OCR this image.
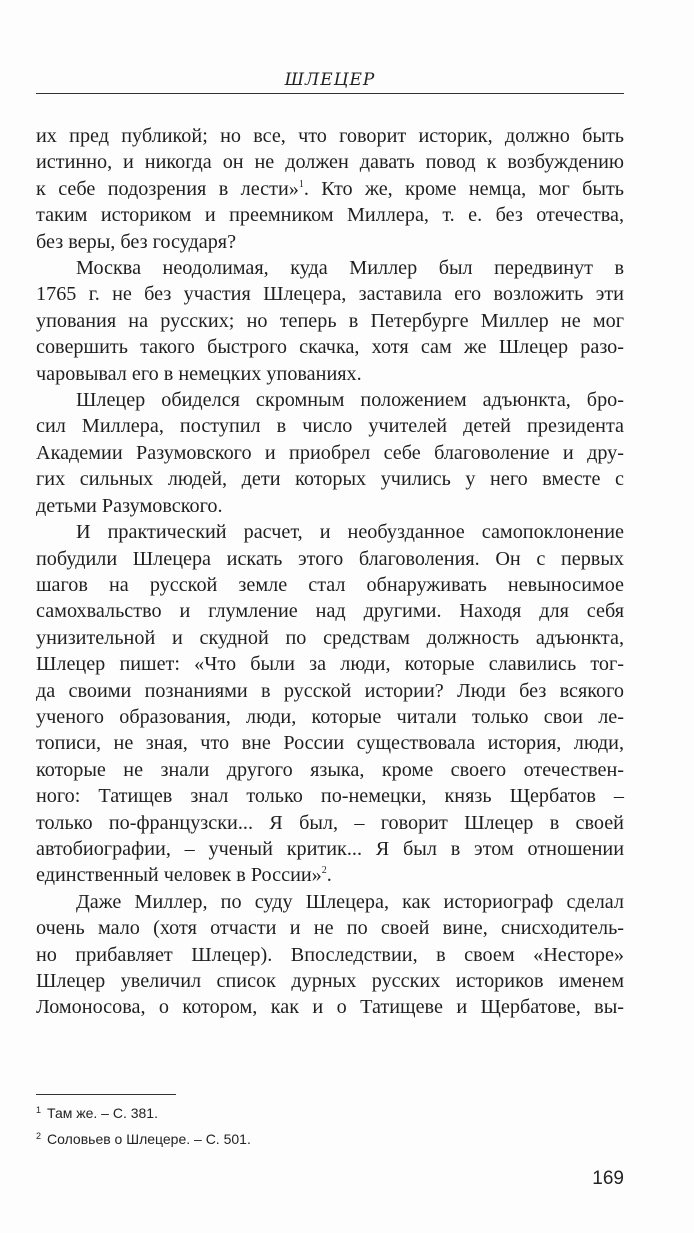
ШЛЕЦЕР
их пред публикой; но все, что говорит историк, должно быть
истинно, и никогда он не должен давать повод к возбуждению
к себе подозрения в лести»$^1$. Кто же, кроме немца, мог быть
таким историком и преемником Миллера, т. е. без отечества,
без веры, без государя?
Москва неодолимая, куда Миллер был передвинут в
1765 г. не без участия Шлецера, заставила его возложить эти
упования на русских; но теперь в Петербурге Миллер не мог
совершить такого быстрого скачка, хотя сам же Шлецер разо-
чаровывал его в немецких упованиях.
Шлецер обиделся скромным положением адъюнкта, бро-
сил Миллера, поступил в число учителей детей президента
Академии Разумовского и приобрел себе благоволение и дру-
гих сильных людей, дети которых учились у него вместе с
детьми Разумовского.
И практический расчет, и необузданное самопоклонение
побудили Шлецера искать этого благоволения. Он с первых
шагов на русской земле стал обнаруживать невыносимое
самохвальство и глумление над другими. Находя для себя
унизительной и скудной по средствам должность адъюнкта,
Шлецер пишет: «Что были за люди, которые славились тог-
да своими познаниями в русской истории? Люди без всякого
ученого образования, люди, которые читали только свои ле-
тописи, не зная, что вне России существовала история, люди,
которые не знали другого языка, кроме своего отечествен-
ного: Татищев знал только по-немецки, князь Щербатов –
только по-французски... Я был, – говорит Шлецер в своей
автобиографии, – ученый критик... Я был в этом отношении
единственный человек в России»$^2$.
Даже Миллер, по суду Шлецера, как историограф сделал
очень мало (хотя отчасти и не по своей вине, снисходитель-
но прибавляет Шлецер). Впоследствии, в своем «Несторе»
Шлецер увеличил список дурных русских историков именем
Ломоносова, о котором, как и о Татищеве и Щербатове, вы-
$^1$ Там же. – С. 381.
$^2$ Соловьев о Шлецере. – С. 501.
169
